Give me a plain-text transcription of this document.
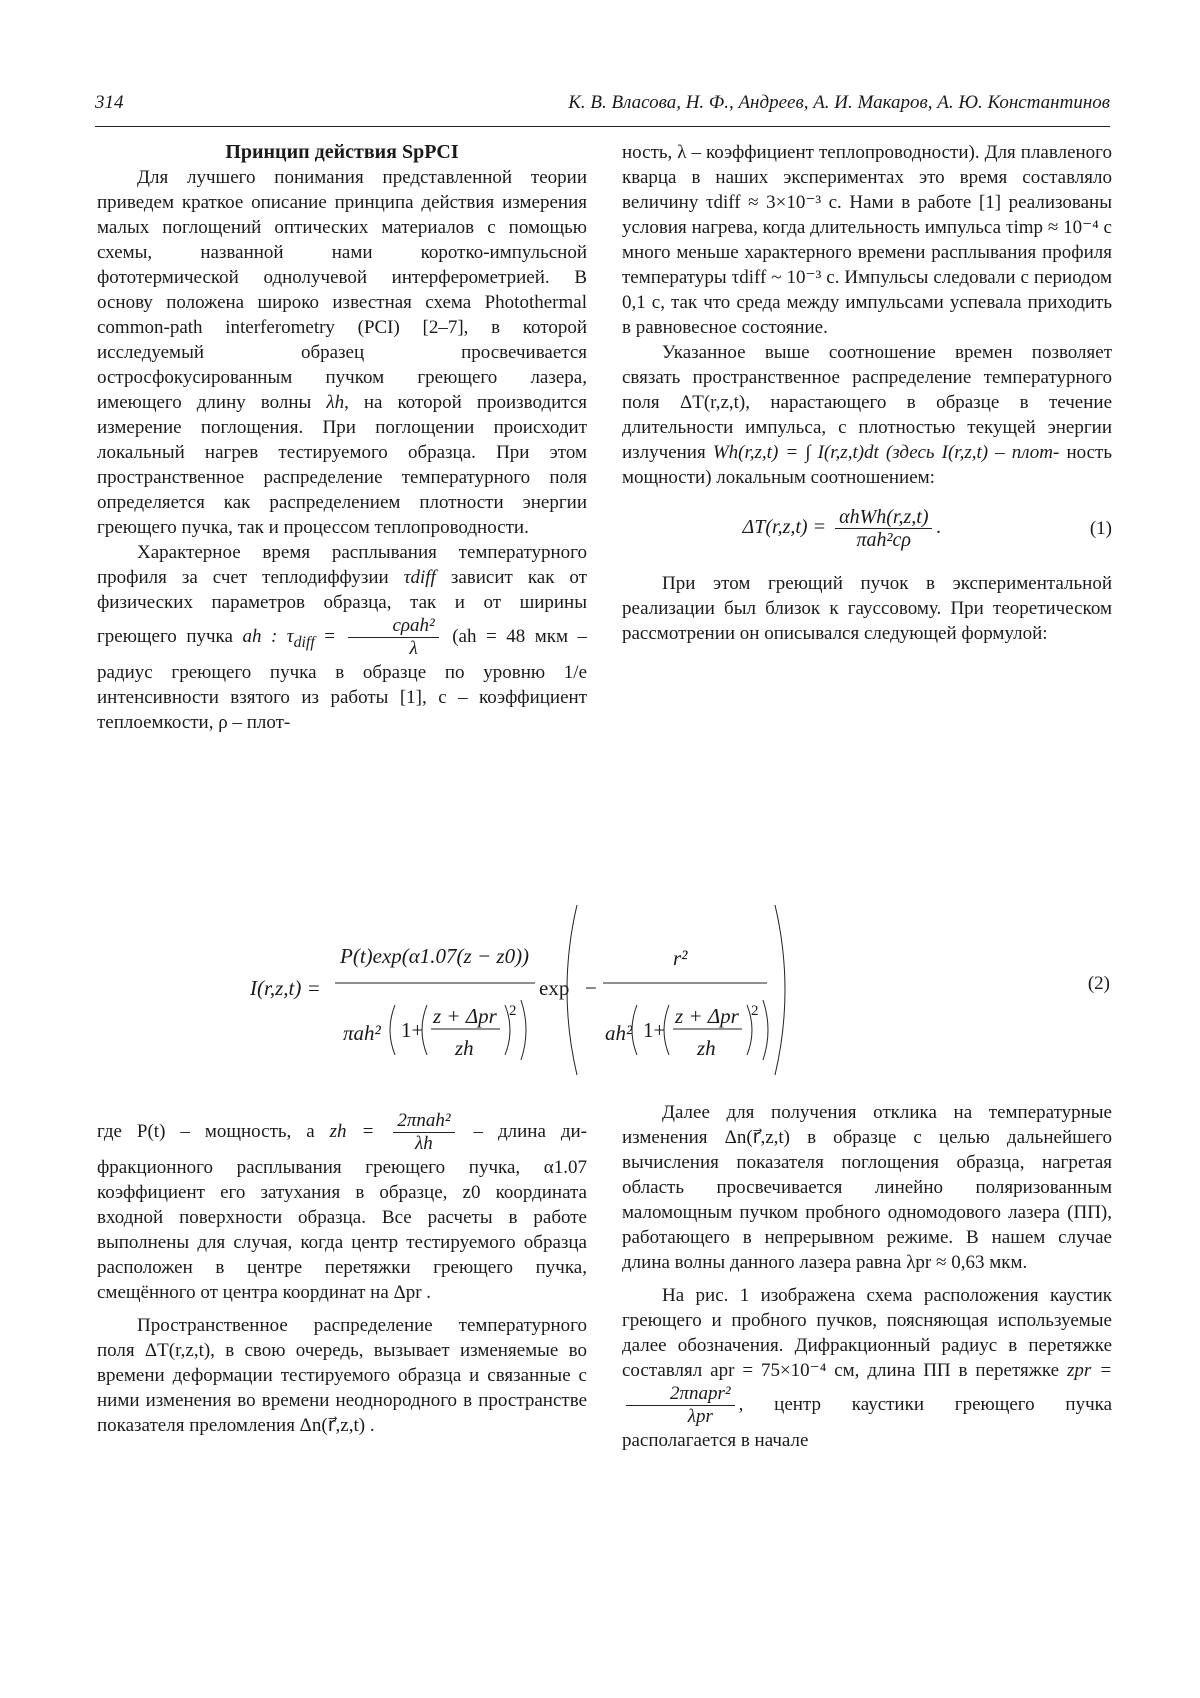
314	К. В. Власова, Н. Ф., Андреев, А. И. Макаров, А. Ю. Константинов

Принцип действия SpPCI

Для лучшего понимания представленной теории приведем краткое описание принципа действия измерения малых поглощений оптических материалов с помощью схемы, названной нами коротко-импульсной фототермической однолучевой интерферометрией. В основу положена широко известная схема Photothermal common-path interferometry (PCI) [2–7], в которой исследуемый образец просвечивается остросфокусированным пучком греющего лазера, имеющего длину волны λh, на которой производится измерение поглощения. При поглощении происходит локальный нагрев тестируемого образца. При этом пространственное распределение температурного поля определяется как распределением плотности энергии греющего пучка, так и процессом теплопроводности.

Характерное время расплывания температурного профиля за счет теплодиффузии τdiff зависит как от физических параметров образца, так и от ширины греющего пучка ah : $\tau_{diff} = \frac{\text{cρah²}}{\lambda} (ah = 48$ мкм – радиус греющего пучка в образце по уровню 1/e интенсивности взятого из работы [1], c – коэффициент теплоемкости, ρ – плот-

ность, λ – коэффициент теплопроводности). Для плавленого кварца в наших экспериментах это время составляло величину τdiff ≈ 3×10⁻³ с. Нами в работе [1] реализованы условия нагрева, когда длительность импульса τimp ≈ 10⁻⁴ с много меньше характерного времени расплывания профиля температуры τdiff ~ 10⁻³ с. Импульсы следовали с периодом 0,1 с, так что среда между импульсами успевала приходить в равновесное состояние.

Указанное выше соотношение времен позволяет связать пространственное распределение температурного поля ΔT(r,z,t), нарастающего в образце в течение длительности импульса, с плотностью текущей энергии излучения Wh(r,z,t) = ∫ I(r,z,t)dt (здесь I(r,z,t) – плот- ность мощности) локальным соотношением:

$\Delta T(r,z,t) = \frac{\text{αhWh(r,z,t)}}{\text{πah²cρ}}$ .	(1)

При этом греющий пучок в экспериментальной реализации был близок к гауссовому. При теоретическом рассмотрении он описывался следующей формулой:

I(r,z,t) =
P(t)exp(α1.07(z − z0))
πah² 1+
z + Δpr
zh
2
exp −
r²
ah² 1+
z + Δpr
zh
2
(2)

где P(t) – мощность, а zh = $\frac{\text{2πnah²}}{\lambda h}$ – длина ди- фракционного расплывания греющего пучка, α1.07 коэффициент его затухания в образце, z0 координата входной поверхности образца. Все расчеты в работе выполнены для случая, когда центр тестируемого образца расположен в центре перетяжки греющего пучка, смещённого от центра координат на Δpr .

Пространственное распределение температурного поля ΔT(r,z,t), в свою очередь, вызывает изменяемые во времени деформации тестируемого образца и связанные с ними изменения во времени неоднородного в пространстве показателя преломления Δn(r⃗,z,t) .

Далее для получения отклика на температурные изменения Δn(r⃗,z,t) в образце с целью дальнейшего вычисления показателя поглощения образца, нагретая область просвечивается линейно поляризованным маломощным пучком пробного одномодового лазера (ПП), работающего в непрерывном режиме. В нашем случае длина волны данного лазера равна λpr ≈ 0,63 мкм.

На рис. 1 изображена схема расположения каустик греющего и пробного пучков, поясняющая используемые далее обозначения. Дифракционный радиус в перетяжке составлял apr = 75×10⁻⁴ см, длина ПП в перетяжке zpr =
$\frac{\text{2πnapr²}}{\text{λpr}}$ , центр каустики греющего пучка располагается в начале
